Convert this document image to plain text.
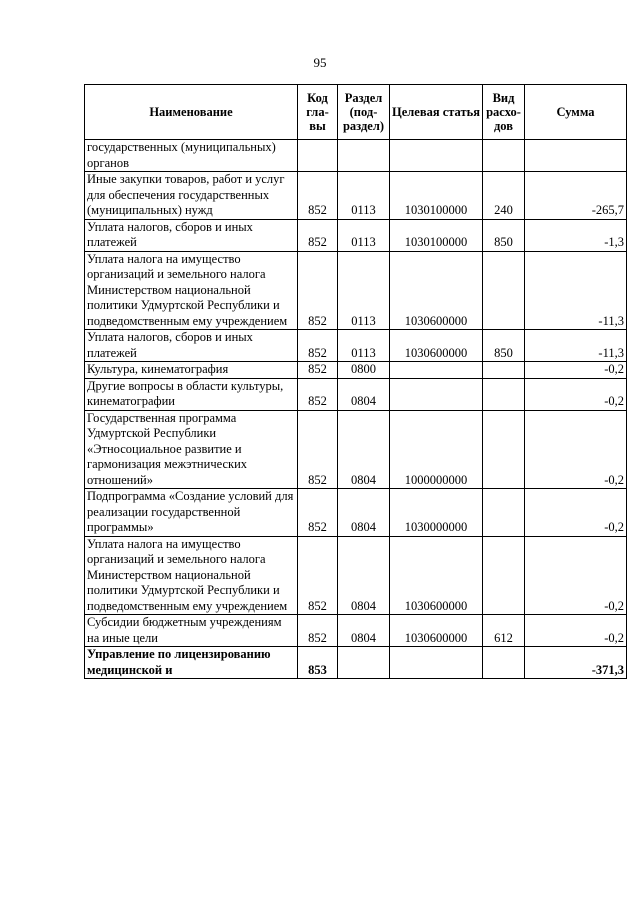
95
Наименование	Код гла- вы	Раздел (под- раздел)	Целевая статья	Вид расхо- дов	Сумма
государственных (муниципальных) органов					
Иные закупки товаров, работ и услуг для обеспечения государственных (муниципальных) нужд	852	0113	1030100000	240	-265,7
Уплата налогов, сборов и иных платежей	852	0113	1030100000	850	-1,3
Уплата налога на имущество организаций и земельного налога Министерством национальной политики Удмуртской Республики и подведомственным ему учреждением	852	0113	1030600000		-11,3
Уплата налогов, сборов и иных платежей	852	0113	1030600000	850	-11,3
Культура, кинематография	852	0800			-0,2
Другие вопросы в области культуры, кинематографии	852	0804			-0,2
Государственная программа Удмуртской Республики «Этносоциальное развитие и гармонизация межэтнических отношений»	852	0804	1000000000		-0,2
Подпрограмма «Создание условий для реализации государственной программы»	852	0804	1030000000		-0,2
Уплата налога на имущество организаций и земельного налога Министерством национальной политики Удмуртской Республики и подведомственным ему учреждением	852	0804	1030600000		-0,2
Субсидии бюджетным учреждениям на иные цели	852	0804	1030600000	612	-0,2
Управление по лицензированию медицинской и	853				-371,3
